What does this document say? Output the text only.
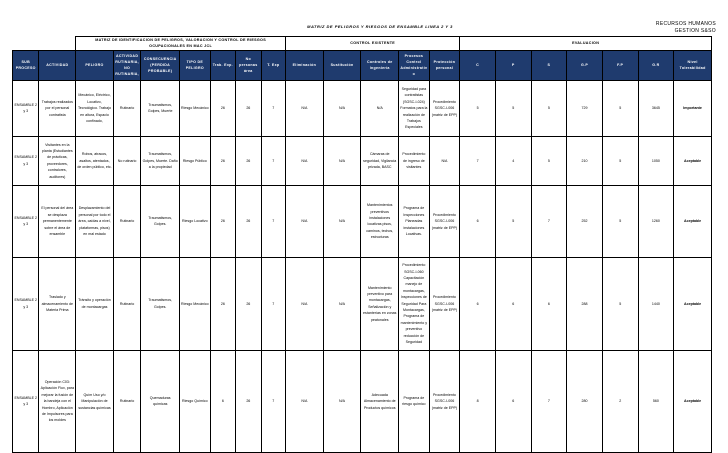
RECURSOS HUMANOS
GESTION S&SO
MATRIZ DE PELIGROS Y RIESGOS DE ENSAMBLE LINEA 2 Y 3
		MATRIZ DE IDENTIFICACION DE PELIGROS, VALORACION Y CONTROL DE RIESGOS OCUPACIONALES EN MAC JCL							CONTROL EXISTENTE					EVALUACION						
SUB PROCESO	ACTIVIDAD	PELIGRO	ACTIVIDAD RUTINARIA, NO RUTINARIA,	CONSECUENCIA (PERDIDA PROBABLE)	TIPO DE PELIGRO	Trab. Exp.	No personas área	T. Exp	Eliminación	Sustitución	Controles de Ingeniería	Procesos Control Administrativo	Protección personal	C	P	S	G.P	F.P	G.R	Nivel Tolerabilidad
ENSAMBLE 2 y 3	Trabajos realizados por el personal contratista	Mecánico, Eléctrico, Locativo, Tecnológico. Trabajo en altura, Espacio confinado,	Rutinario	Traumatismos, Golpes, Muerte	Riesgo Mecánico	26	26	7	N/A	N/A	N/A	Seguridad para contratistas (SGSC-I-024) Formatos para la realización de Trabajos Especiales	Procedimiento SGSC-I-006 (matriz de EPP)	5	5	5	729	5	3645	Importante
ENSAMBLE 2 y 3	Visitantes en la planta (Estudiantes de prácticas, proveedores, contralores, auditores)	Robos, atracos, asaltos, atentados, de orden público, etc.	No rutinario	Traumatismos, Golpes, Muerte. Daño a la propiedad	Riesgo Público	26	26	7	N/A	N/A	Cámaras de seguridad, Vigilancia privada, BASC	Procedimiento de ingreso de visitantes	N/A	7	4	5	210	5	1050	Aceptable
ENSAMBLE 2 y 3	El personal del área se desplaza permanentemente sobre el área de ensamble	Desplazamiento del personal por todo el área, caídas a nivel, plataformas, pisos) en mal estado	Rutinario	Traumatismos, Golpes.	Riesgo Locativo	26	26	7	N/A	N/A	Mantenimientos preventivos instalaciones locativas pisos, caminos, techos, estructuras	Programa de Inspecciones Planeadas instalaciones Locativas.	Procedimiento SGSC-I-006 (matriz de EPP)	6	5	7	252	5	1260	Aceptable
ENSAMBLE 2 y 3	Traslado y almacenamiento de Materia Prima	Tránsito y operación de montacargas	Rutinario	Traumatismos, Golpes.	Riesgo Mecánico	26	26	7	N/A	N/A	Mantenimiento preventivo para montacargas, Señalización y estanterías en zonas peatonales	Procedimiento SGSC-I-060 Capacitación manejo de montacargas, Inspecciones de Seguridad Para Montacargas, Programa de mantenimiento y preventivo reducción de Seguridad	Procedimiento SGSC-I-006 (matriz de EPP)	6	6	6	288	5	1440	Aceptable
ENSAMBLE 2 y 3	Operación C03: Aplicación Flux, para mejorar la fusión de la bandeja con el Hombro, Aplicación de Impulsores para los moldes	Quím Uso y/o Manipulación de sustancias químicas	Rutinario	Quemaduras químicas	Riesgo Químico	6	26	7	N/A	N/A	Adecuada Almacenamiento de Productos químicos	Programa de riesgo químico	Procedimiento SGSC-I-006 (matriz de EPP)	8	6	7	280	2	560	Aceptable
